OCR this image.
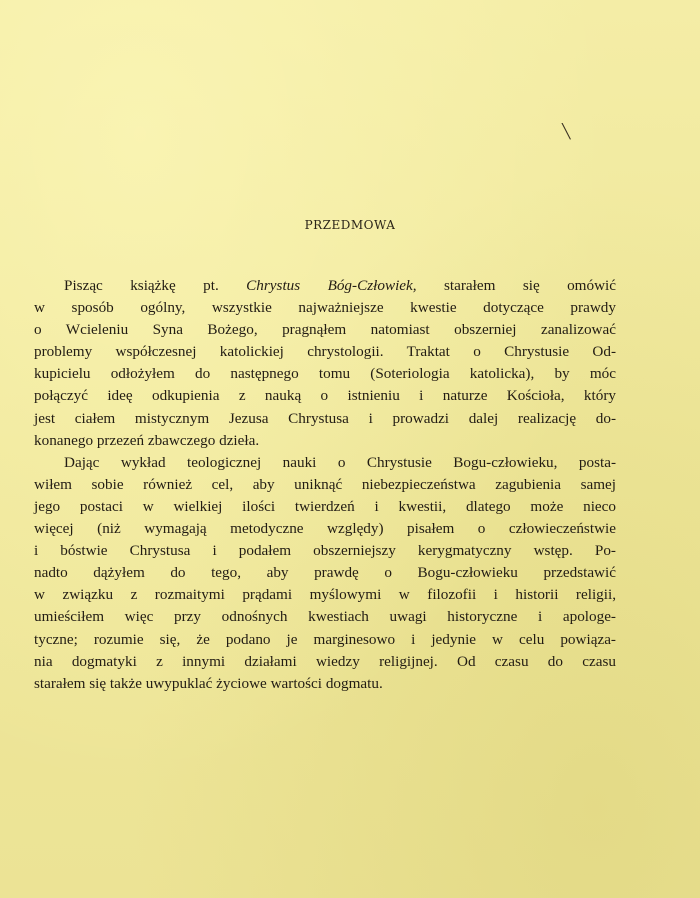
PRZEDMOWA
Pisząc książkę pt. Chrystus Bóg-Człowiek, starałem się omówić
w sposób ogólny, wszystkie najważniejsze kwestie dotyczące prawdy
o Wcieleniu Syna Bożego, pragnąłem natomiast obszerniej zanalizować
problemy współczesnej katolickiej chrystologii. Traktat o Chrystusie Od-
kupicielu odłożyłem do następnego tomu (Soteriologia katolicka), by móc
połączyć ideę odkupienia z nauką o istnieniu i naturze Kościoła, który
jest ciałem mistycznym Jezusa Chrystusa i prowadzi dalej realizację do-
konanego przezeń zbawczego dzieła.
Dając wykład teologicznej nauki o Chrystusie Bogu-człowieku, posta-
wiłem sobie również cel, aby uniknąć niebezpieczeństwa zagubienia samej
jego postaci w wielkiej ilości twierdzeń i kwestii, dlatego może nieco
więcej (niż wymagają metodyczne względy) pisałem o człowieczeństwie
i bóstwie Chrystusa i podałem obszerniejszy kerygmatyczny wstęp. Po-
nadto dążyłem do tego, aby prawdę o Bogu-człowieku przedstawić
w związku z rozmaitymi prądami myślowymi w filozofii i historii religii,
umieściłem więc przy odnośnych kwestiach uwagi historyczne i apologe-
tyczne; rozumie się, że podano je marginesowo i jedynie w celu powiąza-
nia dogmatyki z innymi działami wiedzy religijnej. Od czasu do czasu
starałem się także uwypuklać życiowe wartości dogmatu.
╲
